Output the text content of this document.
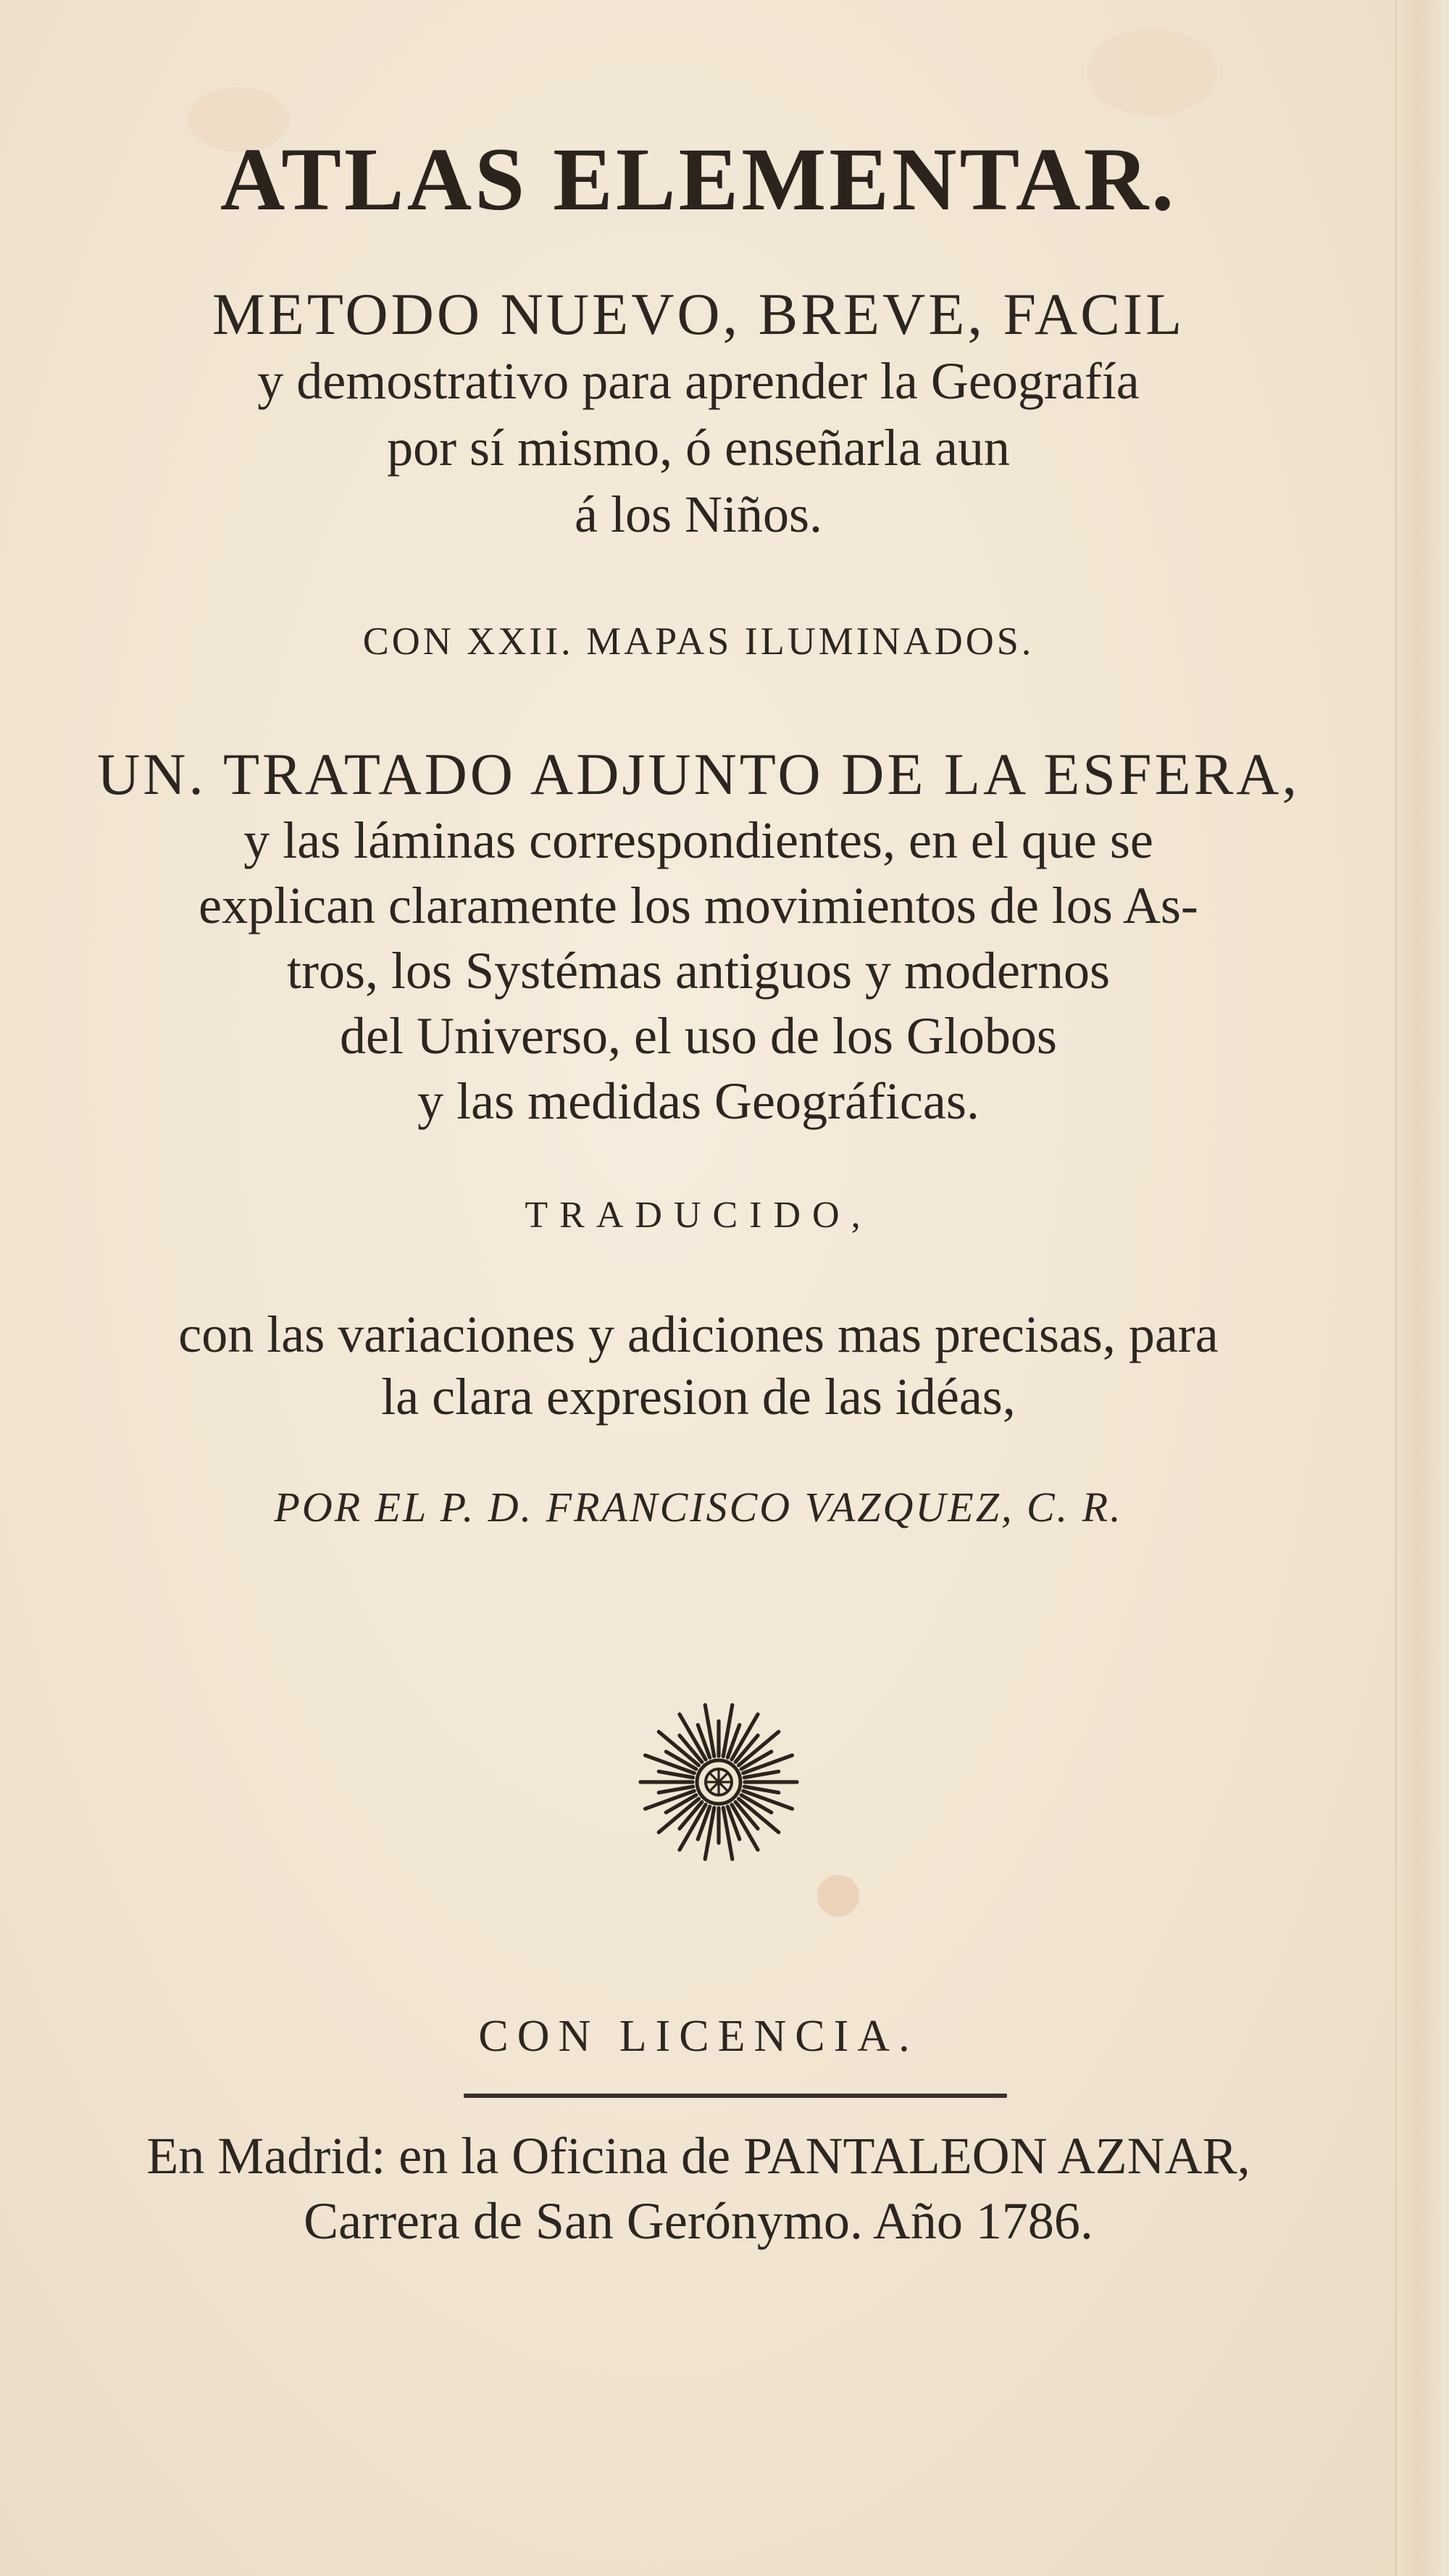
ATLAS ELEMENTAR.

METODO NUEVO, BREVE, FACIL

y demostrativo para aprender la Geografía

por sí mismo, ó enseñarla aun

á los Niños.

CON XXII. MAPAS ILUMINADOS.

UN. TRATADO ADJUNTO DE LA ESFERA,

y las láminas correspondientes, en el que se

explican claramente los movimientos de los As-

tros, los Systémas antiguos y modernos

del Universo, el uso de los Globos

y las medidas Geográficas.

TRADUCIDO,

con las variaciones y adiciones mas precisas, para

la clara expresion de las idéas,

POR EL P. D. FRANCISCO VAZQUEZ, C. R.

CON LICENCIA.

En Madrid: en la Oficina de PANTALEON AZNAR,

Carrera de San Gerónymo. Año 1786.
